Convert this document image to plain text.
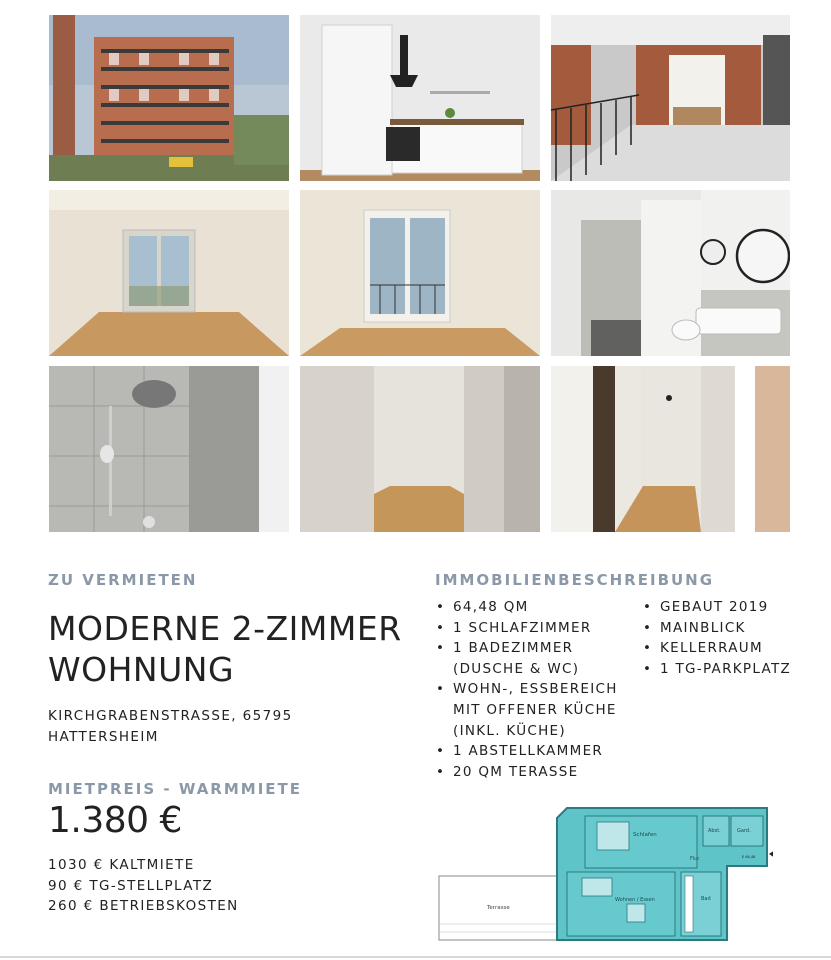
ZU VERMIETEN
MODERNE 2-ZIMMER
WOHNUNG
KIRCHGRABENSTRASSE, 65795
HATTERSHEIM
MIETPREIS - WARMMIETE
1.380 €
1030 € KALTMIETE
90 € TG-STELLPLATZ
260 € BETRIEBSKOSTEN
IMMOBILIENBESCHREIBUNG
• 64,48 QM
• 1 SCHLAFZIMMER
• 1 BADEZIMMER
(DUSCHE & WC)
• WOHN-, ESSBEREICH
MIT OFFENER KÜCHE
(INKL. KÜCHE)
• 1 ABSTELLKAMMER
• 20 QM TERASSE
• GEBAUT 2019
• MAINBLICK
• KELLERRAUM
• 1 TG-PARKPLATZ
Terrasse
Schlafen
Abst.	Gard.
Flur
Wohnen / Essen	Bad
E 64,48
